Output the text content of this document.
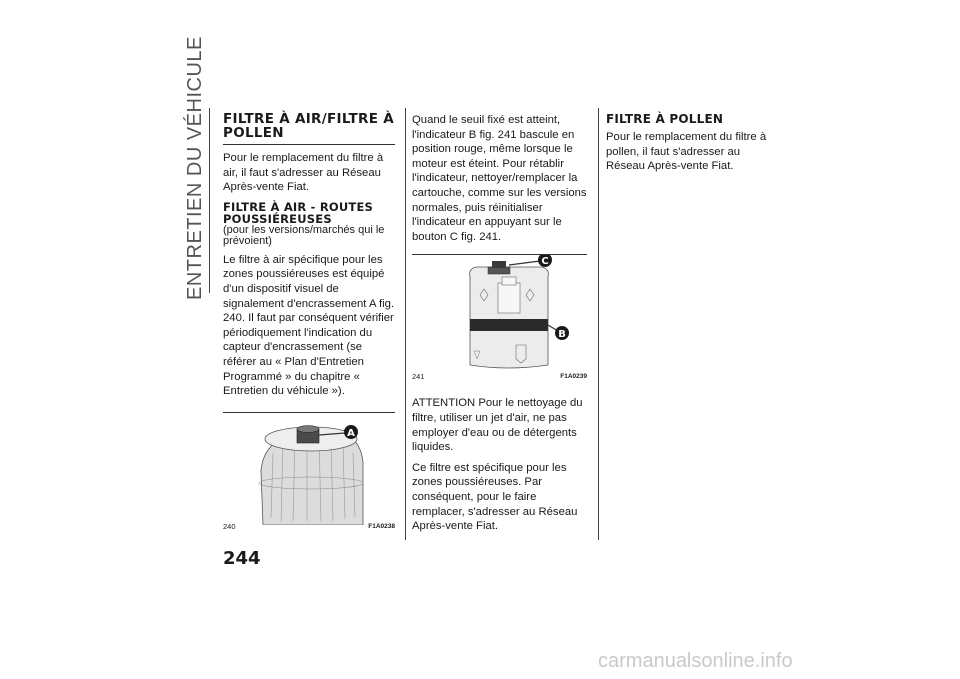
ENTRETIEN DU VÉHICULE FILTRE À AIR/FILTRE À POLLEN

Pour le remplacement du filtre à air, il faut s'adresser au Réseau Après-vente Fiat.

FILTRE À AIR - ROUTES POUSSIÉREUSES

(pour les versions/marchés qui le prévoient)

Le filtre à air spécifique pour les zones poussiéreuses est équipé d'un dispositif visuel de signalement d'encrassement A fig. 240. Il faut par conséquent vérifier périodiquement l'indication du capteur d'encrassement (se référer au « Plan d'Entretien Programmé » du chapitre « Entretien du véhicule »).

A
240	F1A0238

Quand le seuil fixé est atteint, l'indicateur B fig. 241 bascule en position rouge, même lorsque le moteur est éteint. Pour rétablir l'indicateur, nettoyer/remplacer la cartouche, comme sur les versions normales, puis réinitialiser l'indicateur en appuyant sur le bouton C fig. 241.

C
B
241	F1A0239

ATTENTION Pour le nettoyage du filtre, utiliser un jet d'air, ne pas employer d'eau ou de détergents liquides.

Ce filtre est spécifique pour les zones poussiéreuses. Par conséquent, pour le faire remplacer, s'adresser au Réseau Après-vente Fiat.

FILTRE À POLLEN

Pour le remplacement du filtre à pollen, il faut s'adresser au Réseau Après-vente Fiat.

244
carmanualsonline.info
